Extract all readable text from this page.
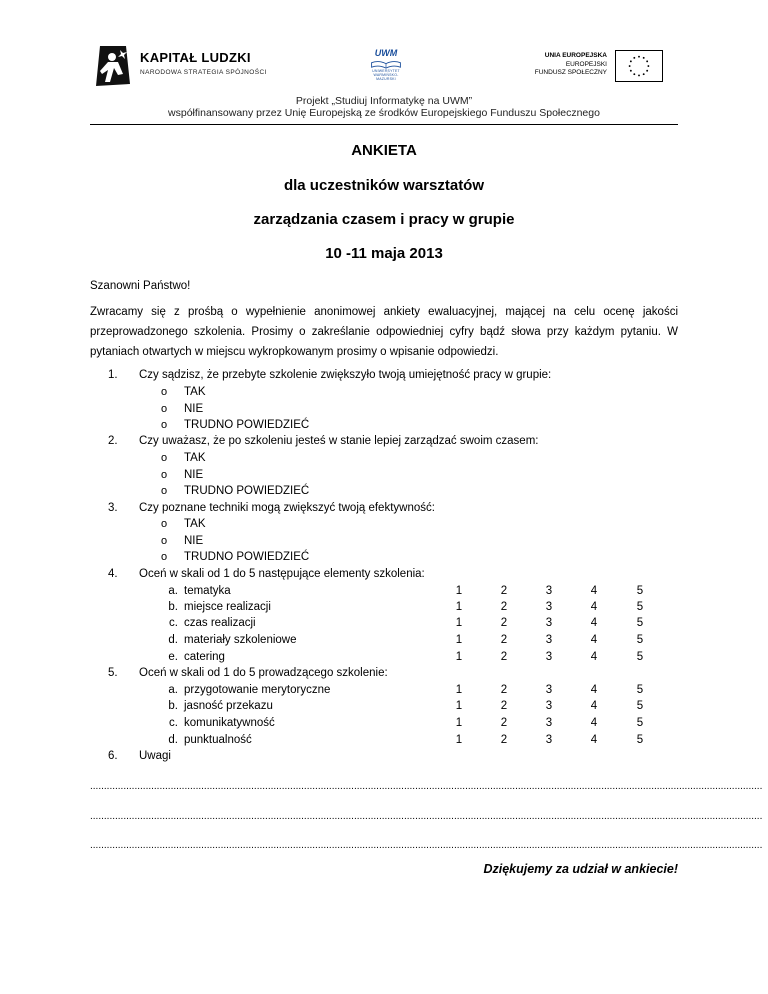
KAPITAŁ LUDZKI
NARODOWA STRATEGIA SPÓJNOŚCI
UWM
UNIWERSYTET WARMIŃSKO-MAZURSKI
UNIA EUROPEJSKA
EUROPEJSKI
FUNDUSZ SPOŁECZNY
Projekt „Studiuj Informatykę na UWM”
współfinansowany przez Unię Europejską ze środków Europejskiego Funduszu Społecznego
ANKIETA
dla uczestników warsztatów
zarządzania czasem i pracy w grupie
10 -11 maja 2013
Szanowni Państwo!
Zwracamy się z prośbą o wypełnienie anonimowej ankiety ewaluacyjnej, mającej na celu ocenę jakości przeprowadzonego szkolenia. Prosimy o zakreślanie odpowiedniej cyfry bądź słowa przy każdym pytaniu. W pytaniach otwartych w miejscu wykropkowanym prosimy o wpisanie odpowiedzi.
1. Czy sądzisz, że przebyte szkolenie zwiększyło twoją umiejętność pracy w grupie:
o TAK
o NIE
o TRUDNO POWIEDZIEĆ
2. Czy uważasz, że po szkoleniu jesteś w stanie lepiej zarządzać swoim czasem:
o TAK
o NIE
o TRUDNO POWIEDZIEĆ
3. Czy poznane techniki mogą zwiększyć twoją efektywność:
o TAK
o NIE
o TRUDNO POWIEDZIEĆ
4. Oceń w skali od 1 do 5 następujące elementy szkolenia:
a. tematyka	1	2	3	4	5
b. miejsce realizacji	1	2	3	4	5
c. czas realizacji	1	2	3	4	5
d. materiały szkoleniowe	1	2	3	4	5
e. catering	1	2	3	4	5
5. Oceń w skali od 1 do 5 prowadzącego szkolenie:
a. przygotowanie merytoryczne	1	2	3	4	5
b. jasność przekazu	1	2	3	4	5
c. komunikatywność	1	2	3	4	5
d. punktualność	1	2	3	4	5
6. Uwagi
..................................................................................................................................................................................................................................................
..................................................................................................................................................................................................................................................
..................................................................................................................................................................................................................................................
Dziękujemy za udział w ankiecie!
